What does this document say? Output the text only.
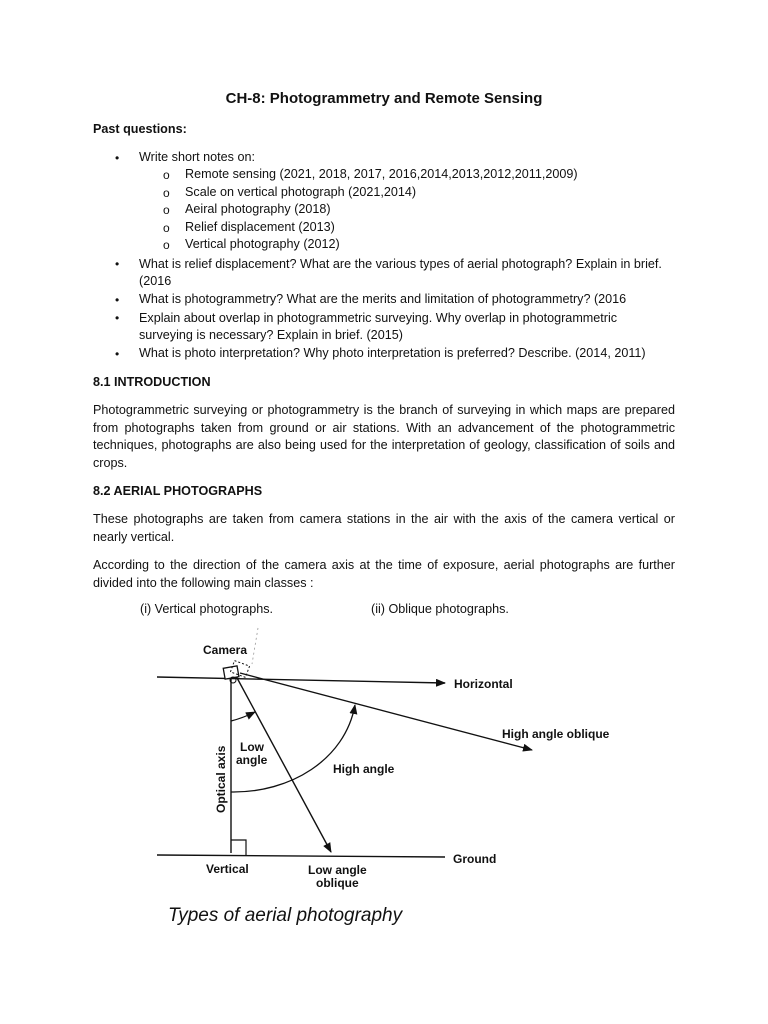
CH-8: Photogrammetry and Remote Sensing
Past questions:
• Write short notes on:
o Remote sensing (2021, 2018, 2017, 2016,2014,2013,2012,2011,2009)
o Scale on vertical photograph (2021,2014)
o Aeiral photography (2018)
o Relief displacement (2013)
o Vertical photography (2012)
• What is relief displacement? What are the various types of aerial photograph? Explain in brief. (2016
• What is photogrammetry? What are the merits and limitation of photogrammetry? (2016
• Explain about overlap in photogrammetric surveying. Why overlap in photogrammetric surveying is necessary? Explain in brief. (2015)
• What is photo interpretation? Why photo interpretation is preferred? Describe. (2014, 2011)
8.1 INTRODUCTION
Photogrammetric surveying or photogrammetry is the branch of surveying in which maps are prepared from photographs taken from ground or air stations. With an advancement of the photogrammetric techniques, photographs are also being used for the interpretation of geology, classification of soils and crops.
8.2 AERIAL PHOTOGRAPHS
These photographs are taken from camera stations in the air with the axis of the camera vertical or nearly vertical.
According to the direction of the camera axis at the time of exposure, aerial photographs are further divided into the following main classes :
(i) Vertical photographs.	(ii) Oblique photographs.
Camera
Horizontal
High angle oblique
Low
angle
High angle
Optical axis
Ground
Vertical	Low angle
oblique
Types of aerial photography
